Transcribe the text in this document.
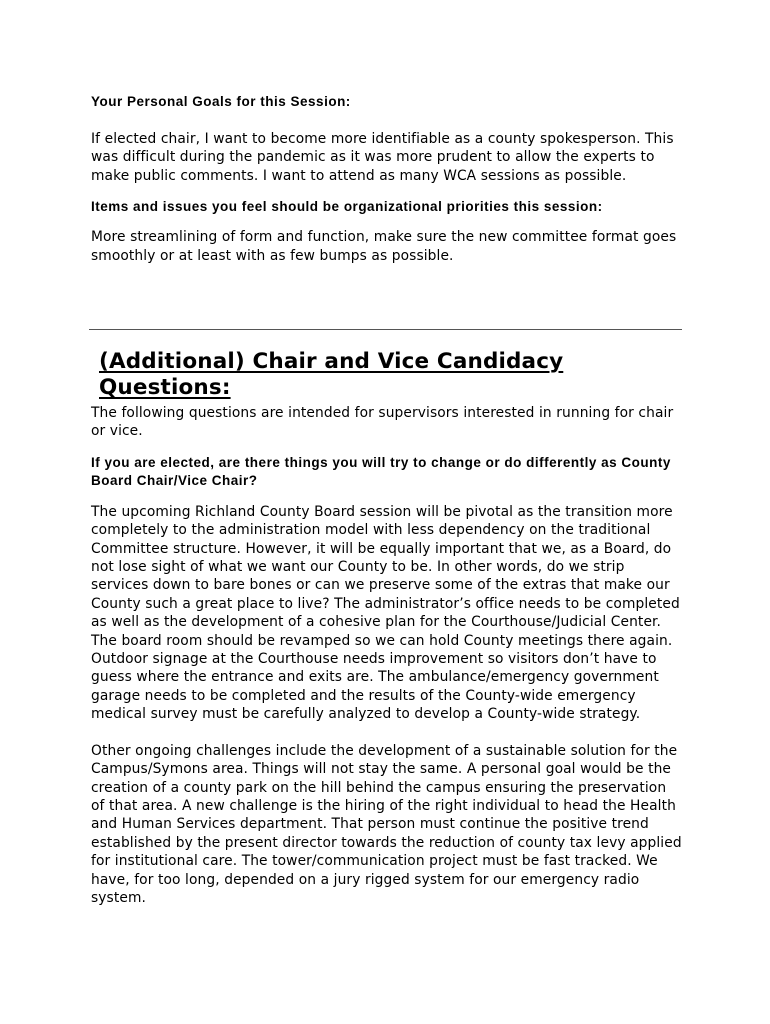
Your Personal Goals for this Session:

If elected chair, I want to become more identifiable as a county spokesperson. This was difficult during the pandemic as it was more prudent to allow the experts to make public comments. I want to attend as many WCA sessions as possible.

Items and issues you feel should be organizational priorities this session:

More streamlining of form and function, make sure the new committee format goes smoothly or at least with as few bumps as possible.

(Additional) Chair and Vice Candidacy Questions:

The following questions are intended for supervisors interested in running for chair or vice.

If you are elected, are there things you will try to change or do differently as County Board Chair/Vice Chair?

The upcoming Richland County Board session will be pivotal as the transition more completely to the administration model with less dependency on the traditional Committee structure. However, it will be equally important that we, as a Board, do not lose sight of what we want our County to be. In other words, do we strip services down to bare bones or can we preserve some of the extras that make our County such a great place to live? The administrator’s office needs to be completed as well as the development of a cohesive plan for the Courthouse/Judicial Center. The board room should be revamped so we can hold County meetings there again. Outdoor signage at the Courthouse needs improvement so visitors don’t have to guess where the entrance and exits are. The ambulance/emergency government garage needs to be completed and the results of the County-wide emergency medical survey must be carefully analyzed to develop a County-wide strategy.

Other ongoing challenges include the development of a sustainable solution for the Campus/Symons area. Things will not stay the same. A personal goal would be the creation of a county park on the hill behind the campus ensuring the preservation of that area. A new challenge is the hiring of the right individual to head the Health and Human Services department. That person must continue the positive trend established by the present director towards the reduction of county tax levy applied for institutional care. The tower/communication project must be fast tracked. We have, for too long, depended on a jury rigged system for our emergency radio system.
